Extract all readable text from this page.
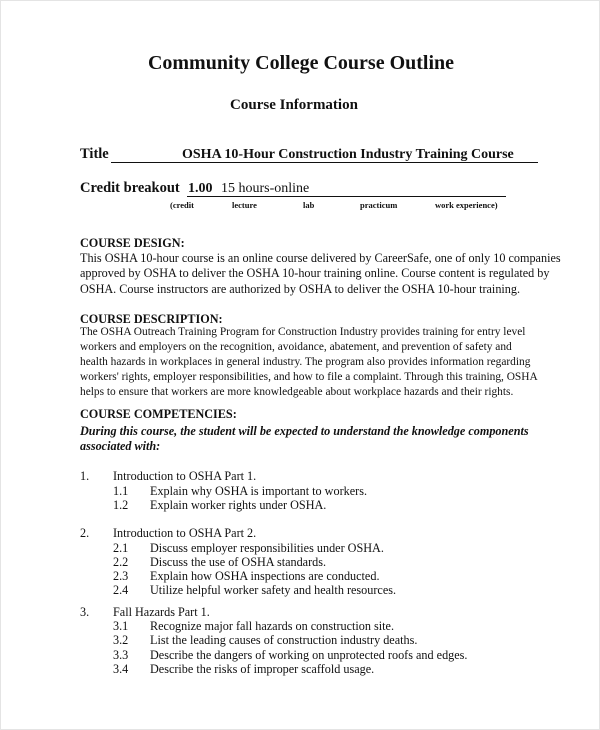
Community College Course Outline
Course Information
Title	OSHA 10-Hour Construction Industry Training Course
Credit breakout 1.00 15 hours-online
(credit	lecture	lab	practicum	work experience)
COURSE DESIGN:
This OSHA 10-hour course is an online course delivered by CareerSafe, one of only 10 companies
approved by OSHA to deliver the OSHA 10-hour training online. Course content is regulated by
OSHA. Course instructors are authorized by OSHA to deliver the OSHA 10-hour training.
COURSE DESCRIPTION:
The OSHA Outreach Training Program for Construction Industry provides training for entry level
workers and employers on the recognition, avoidance, abatement, and prevention of safety and
health hazards in workplaces in general industry. The program also provides information regarding
workers' rights, employer responsibilities, and how to file a complaint. Through this training, OSHA
helps to ensure that workers are more knowledgeable about workplace hazards and their rights.
COURSE COMPETENCIES:
During this course, the student will be expected to understand the knowledge components
associated with:
1. Introduction to OSHA Part 1.
1.1 Explain why OSHA is important to workers.
1.2 Explain worker rights under OSHA.
2. Introduction to OSHA Part 2.
2.1 Discuss employer responsibilities under OSHA.
2.2 Discuss the use of OSHA standards.
2.3 Explain how OSHA inspections are conducted.
2.4 Utilize helpful worker safety and health resources.
3. Fall Hazards Part 1.
3.1 Recognize major fall hazards on construction site.
3.2 List the leading causes of construction industry deaths.
3.3 Describe the dangers of working on unprotected roofs and edges.
3.4 Describe the risks of improper scaffold usage.
